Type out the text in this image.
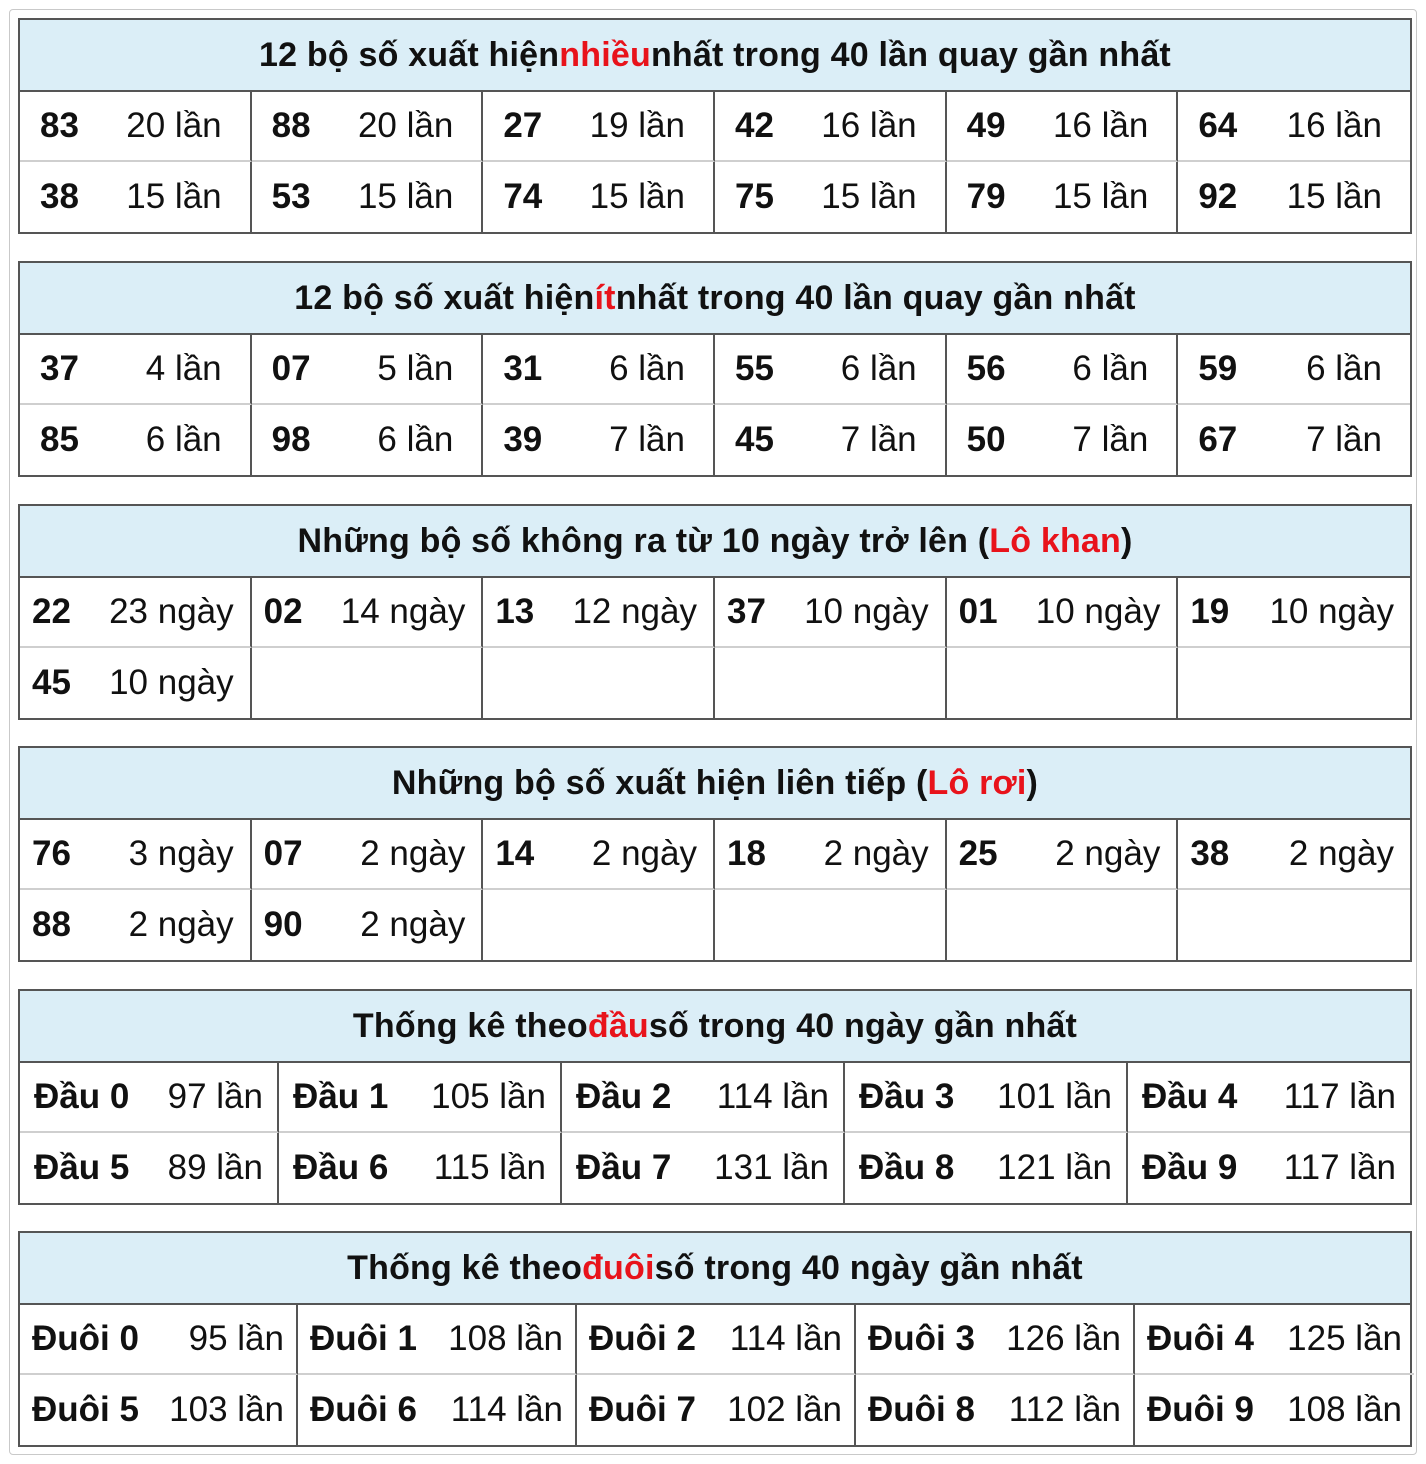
12 bộ số xuất hiện nhiều nhất trong 40 lần quay gần nhất
83	20 lần	88	20 lần	27	19 lần	42	16 lần	49	16 lần	64	16 lần
38	15 lần	53	15 lần	74	15 lần	75	15 lần	79	15 lần	92	15 lần
12 bộ số xuất hiện ít nhất trong 40 lần quay gần nhất
37	4 lần	07	5 lần	31	6 lần	55	6 lần	56	6 lần	59	6 lần
85	6 lần	98	6 lần	39	7 lần	45	7 lần	50	7 lần	67	7 lần
Những bộ số không ra từ 10 ngày trở lên ( Lô khan )
22	23 ngày 02	14 ngày 13	12 ngày 37	10 ngày 01	10 ngày 19	10 ngày
45	10 ngày
Những bộ số xuất hiện liên tiếp ( Lô rơi )
76	3 ngày 07	2 ngày 14	2 ngày 18	2 ngày 25	2 ngày 38	2 ngày
88	2 ngày 90	2 ngày
Thống kê theo đầu số trong 40 ngày gần nhất
Đầu 0	97 lần Đầu 1	105 lần Đầu 2	114 lần Đầu 3	101 lần Đầu 4	117 lần
Đầu 5	89 lần Đầu 6	115 lần Đầu 7	131 lần Đầu 8	121 lần Đầu 9	117 lần
Thống kê theo đuôi số trong 40 ngày gần nhất
Đuôi 0	95 lần Đuôi 1 108 lần Đuôi 2 114 lần Đuôi 3 126 lần Đuôi 4 125 lần
Đuôi 5 103 lần Đuôi 6 114 lần Đuôi 7 102 lần Đuôi 8 112 lần Đuôi 9 108 lần
